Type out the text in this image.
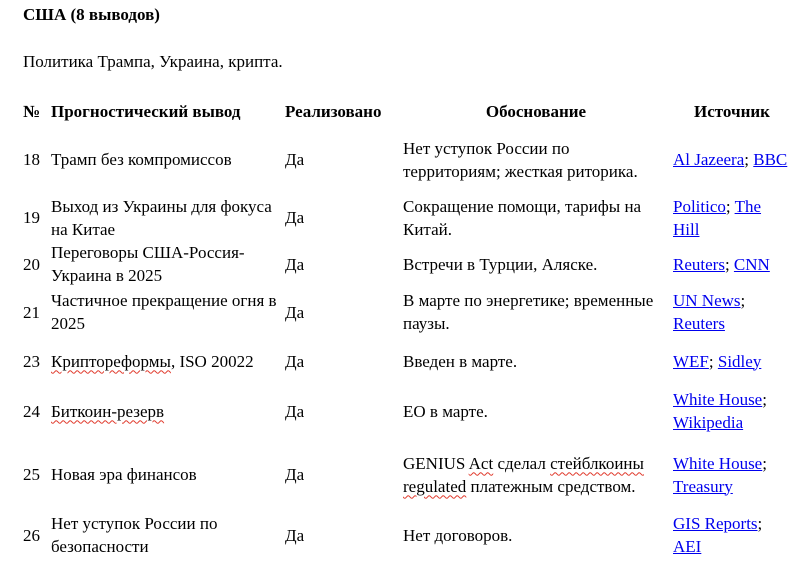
США (8 выводов)
Политика Трампа, Украина, крипта.
№	Прогностический вывод	Реализовано	Обоснование	Источник
18	Трамп без компромиссов	Да	Нет уступок России по территориям; жесткая риторика.	Al Jazeera; BBC
19	Выход из Украины для фокуса на Китае	Да	Сокращение помощи, тарифы на Китай.	Politico; The Hill
20	Переговоры США-Россия-Украина в 2025	Да	Встречи в Турции, Аляске.	Reuters; CNN
21	Частичное прекращение огня в 2025	Да	В марте по энергетике; временные паузы.	UN News; Reuters
23	Криптореформы, ISO 20022	Да	Введен в марте.	WEF; Sidley
24	Биткоин-резерв	Да	EO в марте.	White House; Wikipedia
25	Новая эра финансов	Да	GENIUS Act сделал стейблкоины regulated платежным средством.	White House; Treasury
26	Нет уступок России по безопасности	Да	Нет договоров.	GIS Reports; AEI
